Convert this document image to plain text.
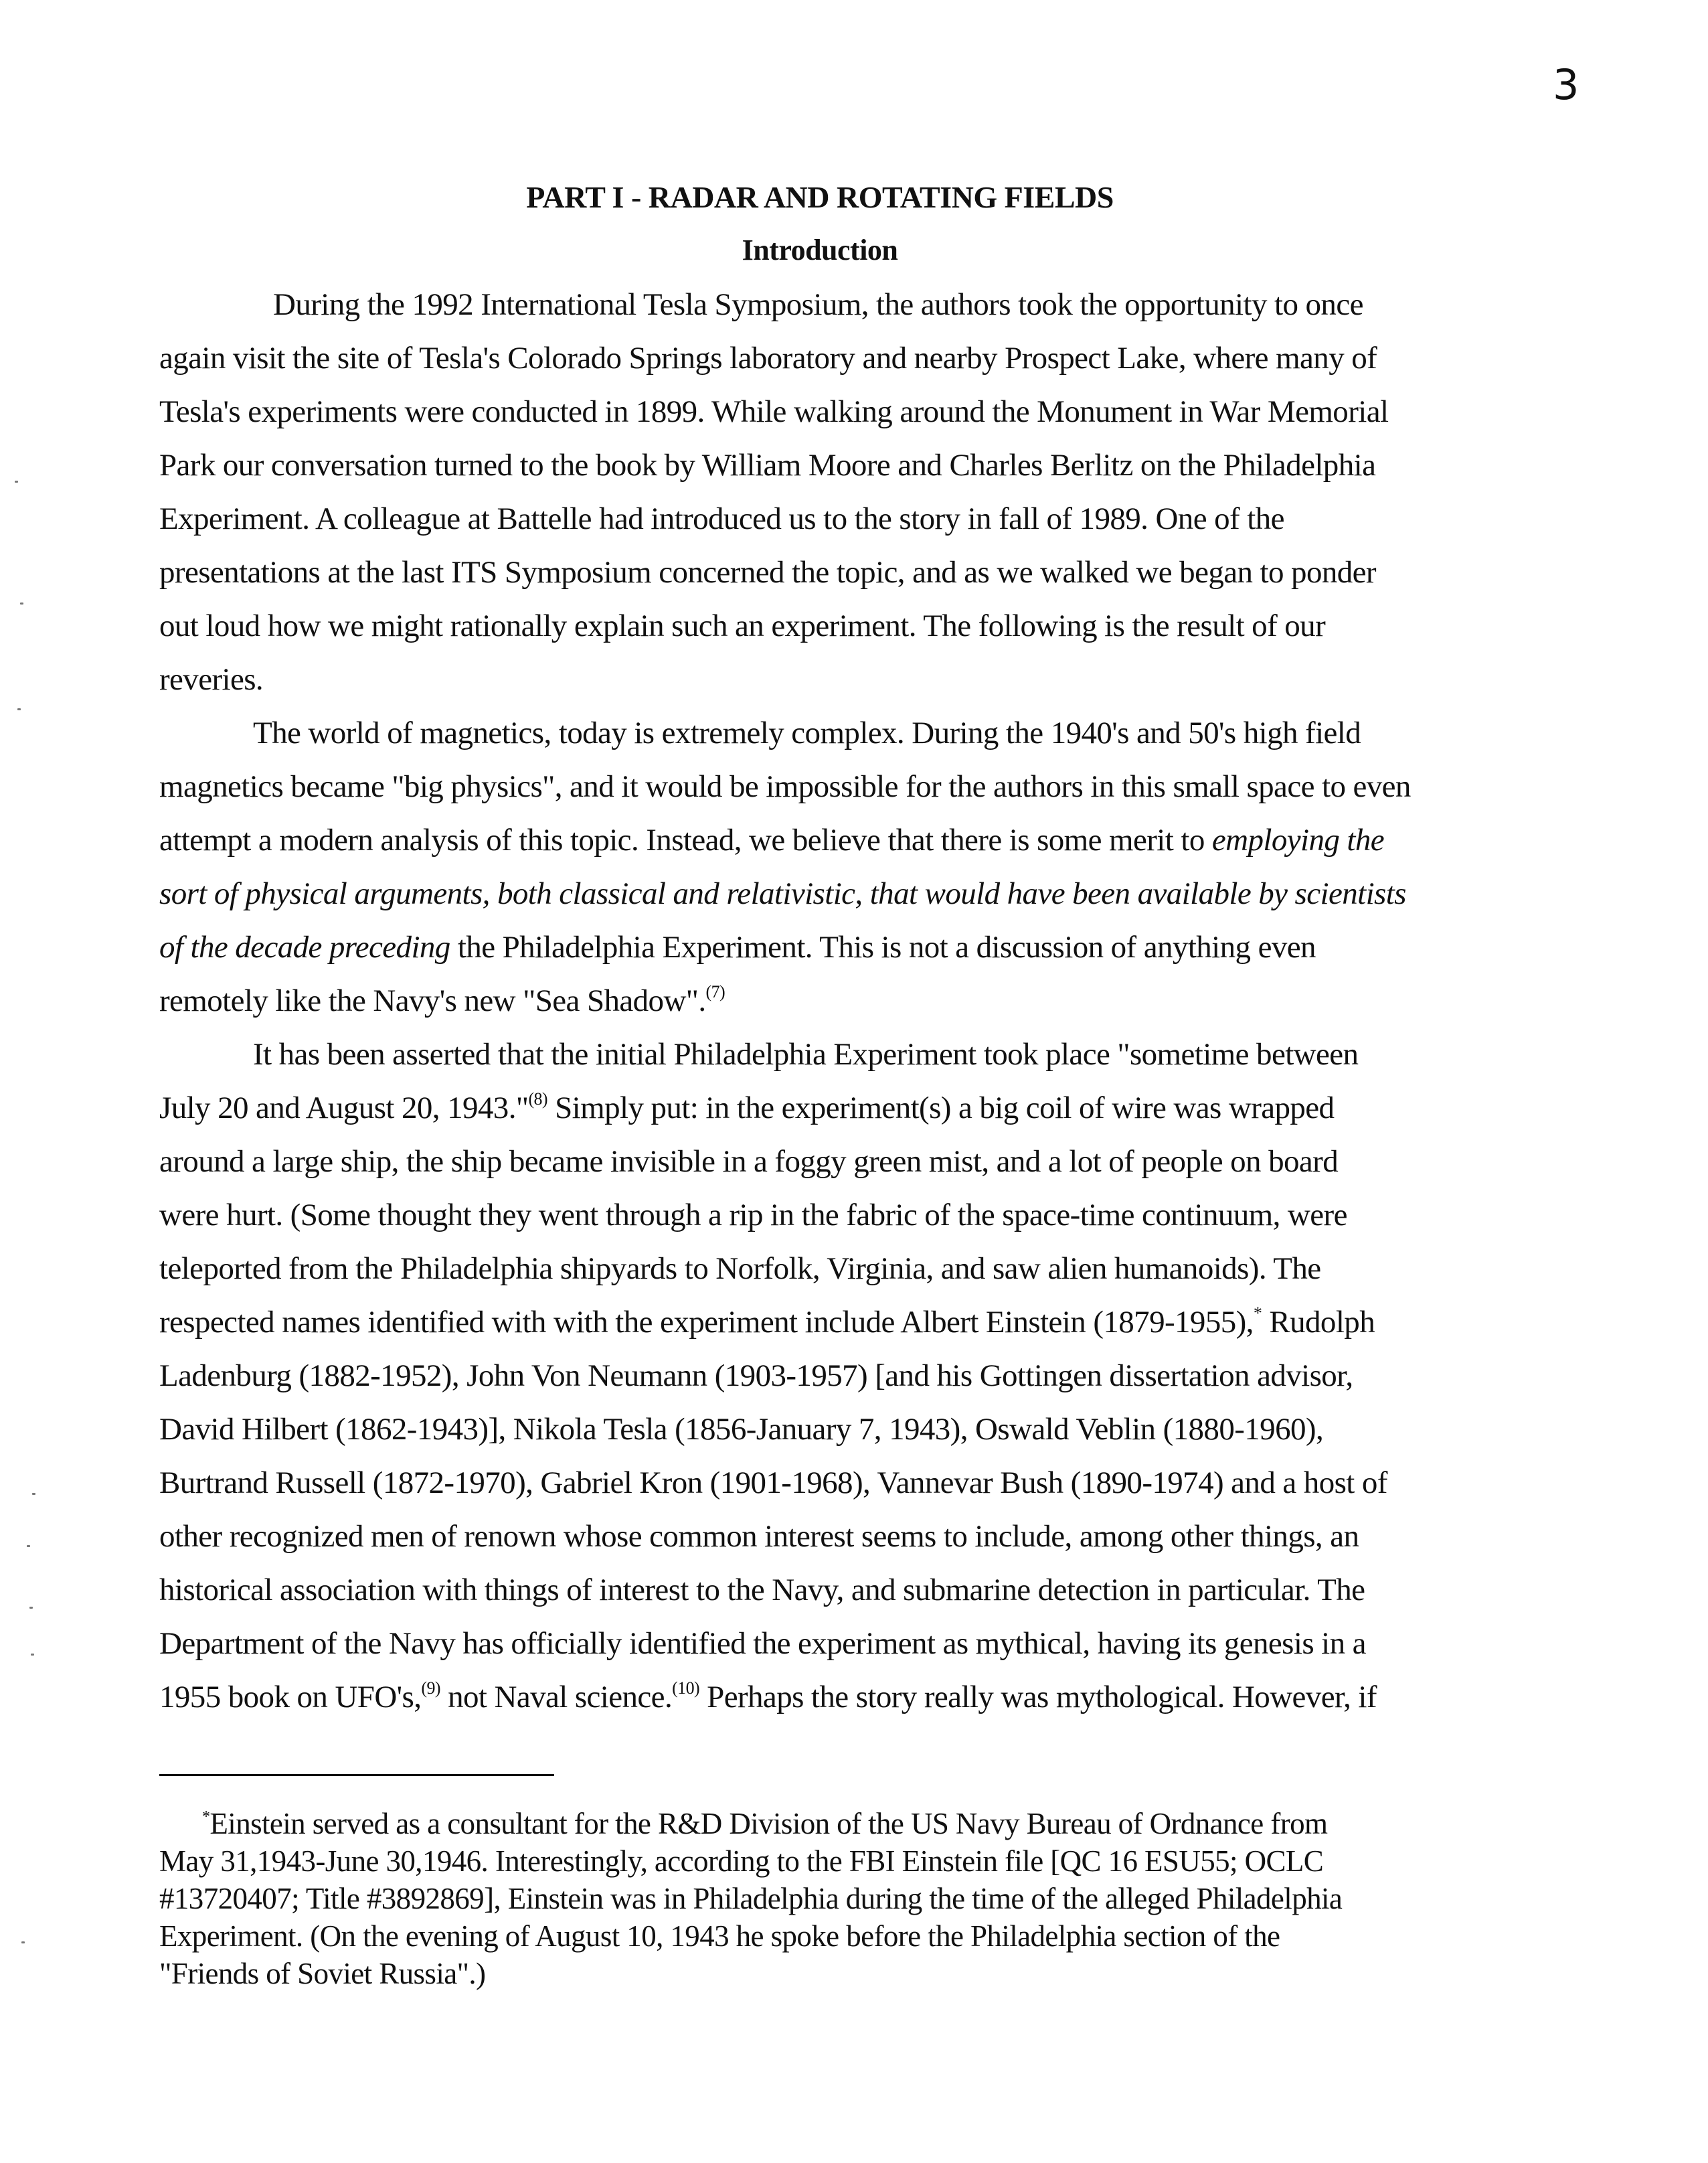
3
PART I - RADAR AND ROTATING FIELDS
Introduction
During the 1992 International Tesla Symposium, the authors took the opportunity to once
again visit the site of Tesla's Colorado Springs laboratory and nearby Prospect Lake, where many of
Tesla's experiments were conducted in 1899. While walking around the Monument in War Memorial
Park our conversation turned to the book by William Moore and Charles Berlitz on the Philadelphia
Experiment. A colleague at Battelle had introduced us to the story in fall of 1989. One of the
presentations at the last ITS Symposium concerned the topic, and as we walked we began to ponder
out loud how we might rationally explain such an experiment. The following is the result of our
reveries.
The world of magnetics, today is extremely complex. During the 1940's and 50's high field
magnetics became "big physics", and it would be impossible for the authors in this small space to even
attempt a modern analysis of this topic. Instead, we believe that there is some merit to employing the
sort of physical arguments, both classical and relativistic, that would have been available by scientists
of the decade preceding the Philadelphia Experiment. This is not a discussion of anything even
remotely like the Navy's new "Sea Shadow".$^{(7)}$
It has been asserted that the initial Philadelphia Experiment took place "sometime between
July 20 and August 20, 1943."$^{(8)}$ Simply put: in the experiment(s) a big coil of wire was wrapped
around a large ship, the ship became invisible in a foggy green mist, and a lot of people on board
were hurt. (Some thought they went through a rip in the fabric of the space-time continuum, were
teleported from the Philadelphia shipyards to Norfolk, Virginia, and saw alien humanoids). The
respected names identified with with the experiment include Albert Einstein (1879-1955),* Rudolph
Ladenburg (1882-1952), John Von Neumann (1903-1957) [and his Gottingen dissertation advisor,
David Hilbert (1862-1943)], Nikola Tesla (1856-January 7, 1943), Oswald Veblin (1880-1960),
Burtrand Russell (1872-1970), Gabriel Kron (1901-1968), Vannevar Bush (1890-1974) and a host of
other recognized men of renown whose common interest seems to include, among other things, an
historical association with things of interest to the Navy, and submarine detection in particular. The
Department of the Navy has officially identified the experiment as mythical, having its genesis in a
1955 book on UFO's,$^{(9)}$ not Naval science.$^{(10)}$ Perhaps the story really was mythological. However, if
*Einstein served as a consultant for the R&D Division of the US Navy Bureau of Ordnance from
May 31,1943-June 30,1946. Interestingly, according to the FBI Einstein file [QC 16 ESU55; OCLC
#13720407; Title #3892869], Einstein was in Philadelphia during the time of the alleged Philadelphia
Experiment. (On the evening of August 10, 1943 he spoke before the Philadelphia section of the
"Friends of Soviet Russia".)
